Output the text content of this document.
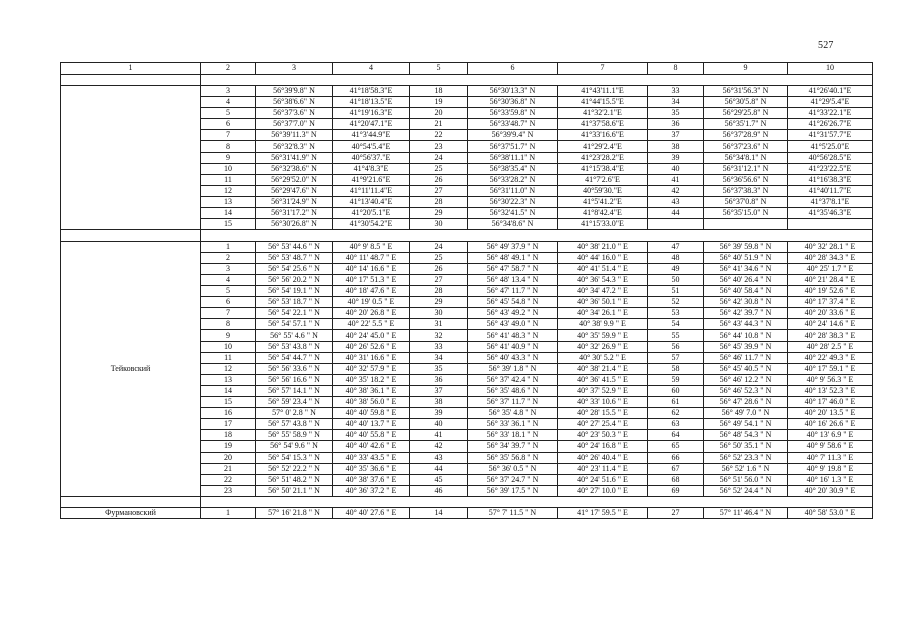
527
1	2	3	4	5	6	7	8	9	10

	3	56°39'9.8" N	41°18'58.3"E	18	56°30'13.3" N	41°43'11.1"E	33	56°31'56.3" N	41°26'40.1"E
	4	56°38'6.6" N	41°18'13.5"E	19	56°30'36.8" N	41°44'15.5"E	34	56°30'5.8" N	41°29'5.4"E
	5	56°37'3.6" N	41°19'16.3"E	20	56°33'59.8" N	41°32'2.1"E	35	56°29'25.8" N	41°33'22.1"E
	6	56°37'7.0" N	41°20'47.1"E	21	56°33'48.7" N	41°37'58.6"E	36	56°35'1.7" N	41°26'26.7"E
	7	56°39'11.3" N	41°3'44.9"E	22	56°39'9.4" N	41°33'16.6"E	37	56°37'28.9" N	41°31'57.7"E
	8	56°32'8.3" N	40°54'5.4"E	23	56°37'51.7" N	41°29'2.4"E	38	56°37'23.6" N	41°5'25.0"E
	9	56°31'41.9" N	40°56'37."E	24	56°38'11.1" N	41°23'28.2"E	39	56°34'8.1" N	40°56'28.5"E
	10	56°32'38.6" N	41°4'8.3"E	25	56°38'35.4" N	41°15'38.4"E	40	56°31'12.1" N	41°23'22.5"E
	11	56°29'52.0" N	41°9'21.6"E	26	56°33'28.2" N	41°7'2.6"E	41	56°36'56.6" N	41°16'38.3"E
	12	56°29'47.6" N	41°11'11.4"E	27	56°31'11.0" N	40°59'30."E	42	56°37'38.3" N	41°40'11.7"E
	13	56°31'24.9" N	41°13'40.4"E	28	56°30'22.3" N	41°5'41.2"E	43	56°37'0.8" N	41°37'8.1"E
	14	56°31'17.2" N	41°20'5.1"E	29	56°32'41.5" N	41°8'42.4"E	44	56°35'15.0" N	41°35'46.3"E
	15	56°30'26.8" N	41°30'54.2"E	30	56°34'8.6" N	41°15'33.0"E			

Тейковский	1	56° 53' 44.6 " N	40° 9' 8.5 " E	24	56° 49' 37.9 " N	40° 38' 21.0 " E	47	56° 39' 59.8 " N	40° 32' 28.1 " E
	2	56° 53' 48.7 " N	40° 11' 48.7 " E	25	56° 48' 49.1 " N	40° 44' 16.0 " E	48	56° 40' 51.9 " N	40° 28' 34.3 " E
	3	56° 54' 25.6 " N	40° 14' 16.6 " E	26	56° 47' 58.7 " N	40° 41' 51.4 " E	49	56° 41' 34.6 " N	40° 25' 1.7 " E
	4	56° 56' 20.2 " N	40° 17' 51.3 " E	27	56° 48' 13.4 " N	40° 36' 54.3 " E	50	56° 40' 26.4 " N	40° 21' 28.4 " E
	5	56° 54' 19.1 " N	40° 18' 47.6 " E	28	56° 47' 11.7 " N	40° 34' 47.2 " E	51	56° 40' 58.4 " N	40° 19' 52.6 " E
	6	56° 53' 18.7 " N	40° 19' 0.5 " E	29	56° 45' 54.8 " N	40° 36' 50.1 " E	52	56° 42' 30.8 " N	40° 17' 37.4 " E
	7	56° 54' 22.1 " N	40° 20' 26.8 " E	30	56° 43' 49.2 " N	40° 34' 26.1 " E	53	56° 42' 39.7 " N	40° 20' 33.6 " E
	8	56° 54' 57.1 " N	40° 22' 5.5 " E	31	56° 43' 49.0 " N	40° 38' 9.9 " E	54	56° 43' 44.3 " N	40° 24' 14.6 " E
	9	56° 55' 4.6 " N	40° 24' 45.0 " E	32	56° 41' 48.3 " N	40° 35' 59.9 " E	55	56° 44' 10.8 " N	40° 28' 38.3 " E
	10	56° 53' 43.8 " N	40° 26' 52.6 " E	33	56° 41' 40.9 " N	40° 32' 26.9 " E	56	56° 45' 39.9 " N	40° 28' 2.5 " E
	11	56° 54' 44.7 " N	40° 31' 16.6 " E	34	56° 40' 43.3 " N	40° 30' 5.2 " E	57	56° 46' 11.7 " N	40° 22' 49.3 " E
	12	56° 56' 33.6 " N	40° 32' 57.9 " E	35	56° 39' 1.8 " N	40° 38' 21.4 " E	58	56° 45' 40.5 " N	40° 17' 59.1 " E
	13	56° 56' 16.6 " N	40° 35' 18.2 " E	36	56° 37' 42.4 " N	40° 36' 41.5 " E	59	56° 46' 12.2 " N	40° 9' 56.3 " E
	14	56° 57' 14.1 " N	40° 38' 36.1 " E	37	56° 35' 48.6 " N	40° 37' 52.9 " E	60	56° 46' 52.3 " N	40° 13' 52.3 " E
	15	56° 59' 23.4 " N	40° 38' 56.0 " E	38	56° 37' 11.7 " N	40° 33' 10.6 " E	61	56° 47' 28.6 " N	40° 17' 46.0 " E
	16	57° 0' 2.8 " N	40° 40' 59.8 " E	39	56° 35' 4.8 " N	40° 28' 15.5 " E	62	56° 49' 7.0 " N	40° 20' 13.5 " E
	17	56° 57' 43.8 " N	40° 40' 13.7 " E	40	56° 33' 36.1 " N	40° 27' 25.4 " E	63	56° 49' 54.1 " N	40° 16' 26.6 " E
	18	56° 55' 58.9 " N	40° 40' 55.8 " E	41	56° 33' 18.1 " N	40° 23' 50.3 " E	64	56° 48' 54.3 " N	40° 13' 6.9 " E
	19	56° 54' 9.6 " N	40° 40' 42.6 " E	42	56° 34' 39.7 " N	40° 24' 16.8 " E	65	56° 50' 35.1 " N	40° 9' 58.6 " E
	20	56° 54' 15.3 " N	40° 33' 43.5 " E	43	56° 35' 56.8 " N	40° 26' 40.4 " E	66	56° 52' 23.3 " N	40° 7' 11.3 " E
	21	56° 52' 22.2 " N	40° 35' 36.6 " E	44	56° 36' 0.5 " N	40° 23' 11.4 " E	67	56° 52' 1.6 " N	40° 9' 19.8 " E
	22	56° 51' 48.2 " N	40° 38' 37.6 " E	45	56° 37' 24.7 " N	40° 24' 51.6 " E	68	56° 51' 56.0 " N	40° 16' 1.3 " E
	23	56° 50' 21.1 " N	40° 36' 37.2 " E	46	56° 39' 17.5 " N	40° 27' 10.0 " E	69	56° 52' 24.4 " N	40° 20' 30.9 " E

Фурмановский	1	57° 16' 21.8 " N	40° 40' 27.6 " E	14	57° 7' 11.5 " N	41° 17' 59.5 " E	27	57° 11' 46.4 " N	40° 58' 53.0 " E
